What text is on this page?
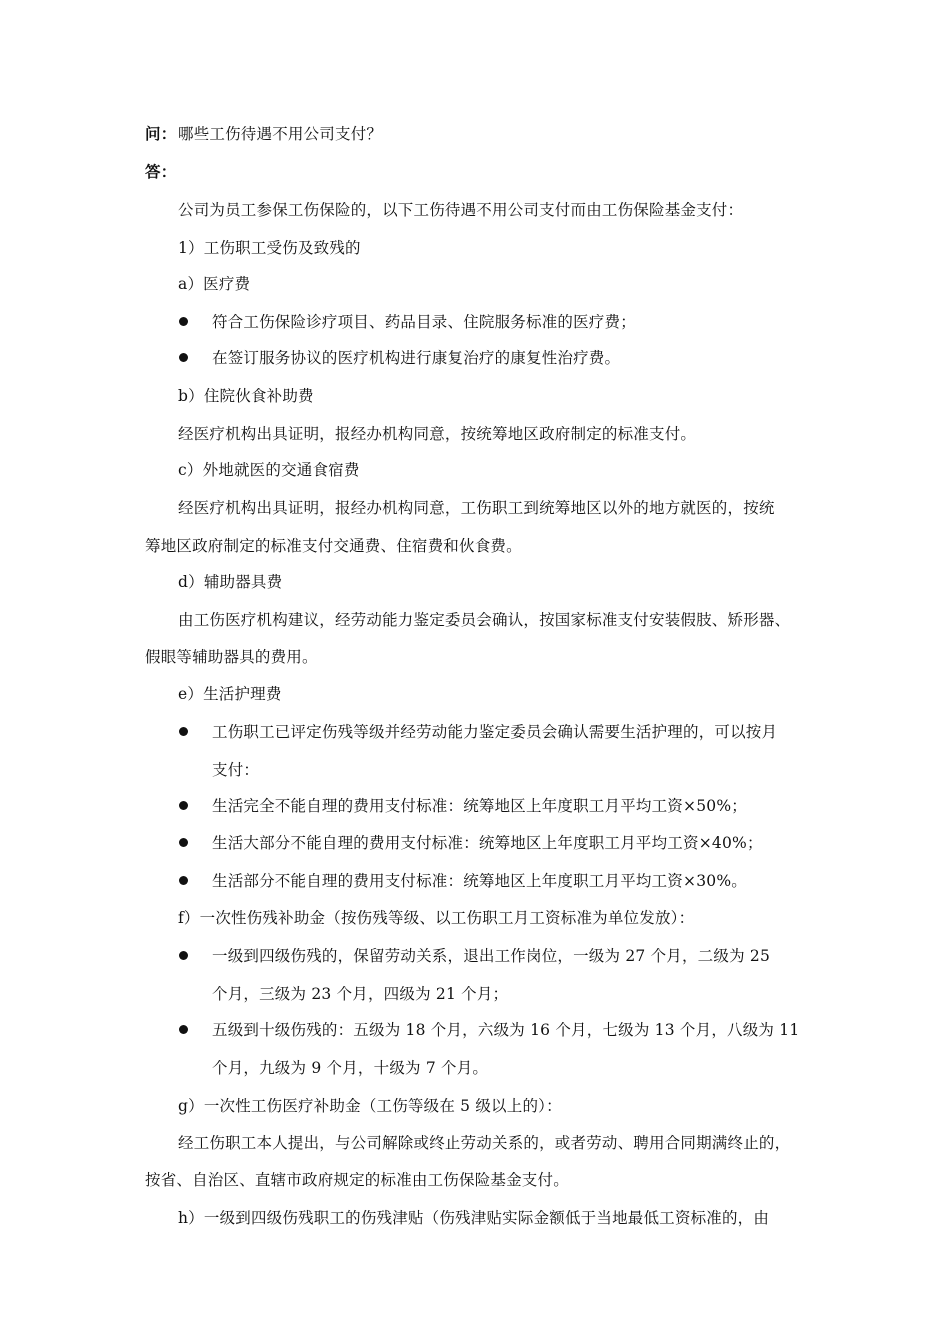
问： 哪些工伤待遇不用公司支付？
答：
公司为员工参保工伤保险的，以下工伤待遇不用公司支付而由工伤保险基金支付：
1）工伤职工受伤及致残的
a）医疗费
符合工伤保险诊疗项目、药品目录、住院服务标准的医疗费；
在签订服务协议的医疗机构进行康复治疗的康复性治疗费。
b）住院伙食补助费
经医疗机构出具证明，报经办机构同意，按统筹地区政府制定的标准支付。
c）外地就医的交通食宿费
经医疗机构出具证明，报经办机构同意，工伤职工到统筹地区以外的地方就医的，按统
筹地区政府制定的标准支付交通费、住宿费和伙食费。
d）辅助器具费
由工伤医疗机构建议，经劳动能力鉴定委员会确认，按国家标准支付安装假肢、矫形器、
假眼等辅助器具的费用。
e）生活护理费
工伤职工已评定伤残等级并经劳动能力鉴定委员会确认需要生活护理的，可以按月
支付：
生活完全不能自理的费用支付标准：统筹地区上年度职工月平均工资×50%；
生活大部分不能自理的费用支付标准：统筹地区上年度职工月平均工资×40%；
生活部分不能自理的费用支付标准：统筹地区上年度职工月平均工资×30%。
f）一次性伤残补助金（按伤残等级、以工伤职工月工资标准为单位发放）：
一级到四级伤残的，保留劳动关系，退出工作岗位，一级为 27 个月，二级为 25
个月，三级为 23 个月，四级为 21 个月；
五级到十级伤残的：五级为 18 个月，六级为 16 个月，七级为 13 个月，八级为 11
个月，九级为 9 个月，十级为 7 个月。
g）一次性工伤医疗补助金（工伤等级在 5 级以上的）：
经工伤职工本人提出，与公司解除或终止劳动关系的，或者劳动、聘用合同期满终止的，
按省、自治区、直辖市政府规定的标准由工伤保险基金支付。
h）一级到四级伤残职工的伤残津贴（伤残津贴实际金额低于当地最低工资标准的，由
